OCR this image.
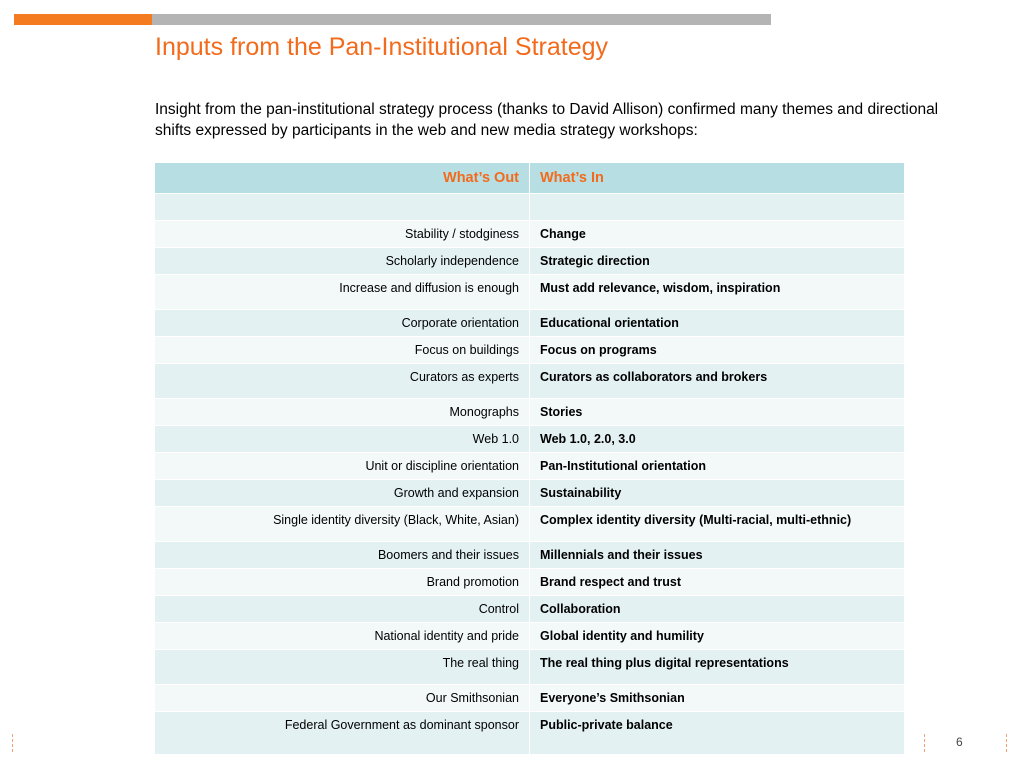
Inputs from the Pan-Institutional Strategy
Insight from the pan-institutional strategy process (thanks to David Allison) confirmed many themes and directional shifts expressed by participants in the web and new media strategy workshops:
What’s Out	What’s In

Stability / stodginess	Change
Scholarly independence	Strategic direction
Increase and diffusion is enough	Must add relevance, wisdom, inspiration
Corporate orientation	Educational orientation
Focus on buildings	Focus on programs
Curators as experts	Curators as collaborators and brokers
Monographs	Stories
Web 1.0	Web 1.0, 2.0, 3.0
Unit or discipline orientation	Pan-Institutional orientation
Growth and expansion	Sustainability
Single identity diversity (Black, White, Asian)	Complex identity diversity (Multi-racial, multi-ethnic)
Boomers and their issues	Millennials and their issues
Brand promotion	Brand respect and trust
Control	Collaboration
National identity and pride	Global identity and humility
The real thing	The real thing plus digital representations
Our Smithsonian	Everyone’s Smithsonian
Federal Government as dominant sponsor	Public-private balance
6
